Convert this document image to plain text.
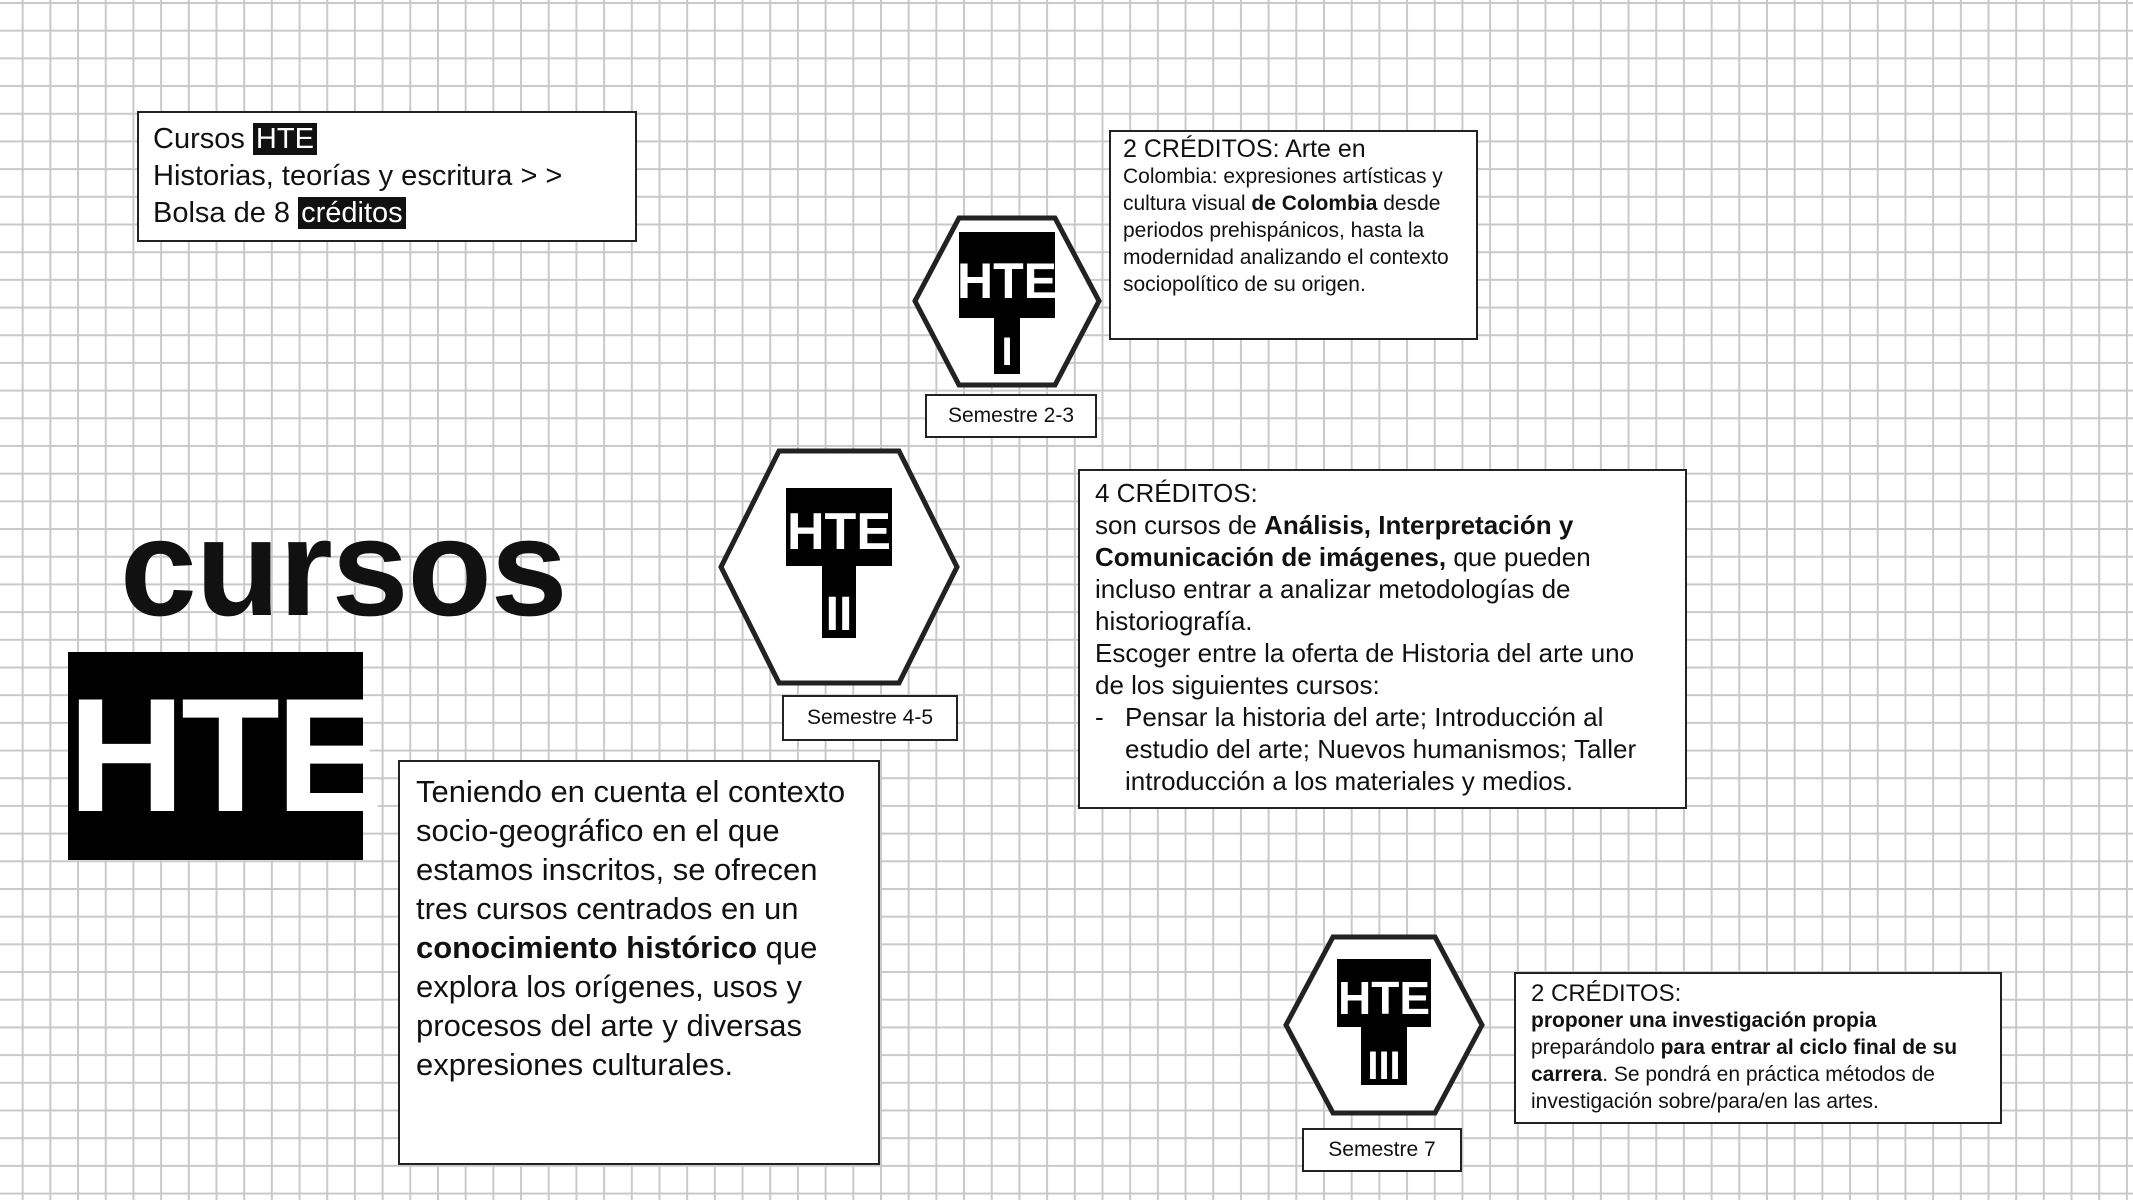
Cursos HTE
Historias, teorías y escritura > >
Bolsa de 8 créditos
cursos
HTE	Teniendo en cuenta el contexto socio-geográfico en el que estamos inscritos, se ofrecen tres cursos centrados en un conocimiento histórico que explora los orígenes, usos y procesos del arte y diversas expresiones culturales.
HTE
I
Semestre 2-3
2 CRÉDITOS: Arte en
Colombia: expresiones artísticas y cultura visual de Colombia desde periodos prehispánicos, hasta la modernidad analizando el contexto sociopolítico de su origen.
HTE
II
Semestre 4-5
4 CRÉDITOS:
son cursos de Análisis, Interpretación y Comunicación de imágenes, que pueden incluso entrar a analizar metodologías de historiografía.
Escoger entre la oferta de Historia del arte uno de los siguientes cursos:
- Pensar la historia del arte; Introducción al estudio del arte; Nuevos humanismos; Taller introducción a los materiales y medios.
HTE
III
Semestre 7
2 CRÉDITOS:
proponer una investigación propia preparándolo para entrar al ciclo final de su carrera. Se pondrá en práctica métodos de investigación sobre/para/en las artes.
